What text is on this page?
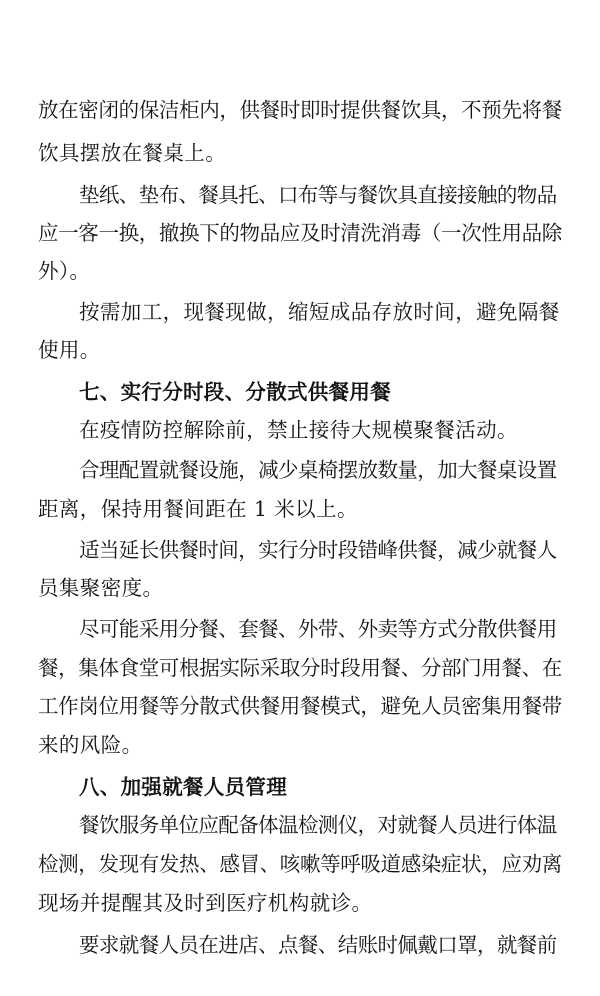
放在密闭的保洁柜内，供餐时即时提供餐饮具，不预先将餐
饮具摆放在餐桌上。
垫纸、垫布、餐具托、口布等与餐饮具直接接触的物品
应一客一换，撤换下的物品应及时清洗消毒（一次性用品除
外）。
按需加工，现餐现做，缩短成品存放时间，避免隔餐
使用。
七、实行分时段、分散式供餐用餐
在疫情防控解除前，禁止接待大规模聚餐活动。
合理配置就餐设施，减少桌椅摆放数量，加大餐桌设置
距离，保持用餐间距在 1 米以上。
适当延长供餐时间，实行分时段错峰供餐，减少就餐人
员集聚密度。
尽可能采用分餐、套餐、外带、外卖等方式分散供餐用
餐，集体食堂可根据实际采取分时段用餐、分部门用餐、在
工作岗位用餐等分散式供餐用餐模式，避免人员密集用餐带
来的风险。
八、加强就餐人员管理
餐饮服务单位应配备体温检测仪，对就餐人员进行体温
检测，发现有发热、感冒、咳嗽等呼吸道感染症状，应劝离
现场并提醒其及时到医疗机构就诊。
要求就餐人员在进店、点餐、结账时佩戴口罩，就餐前
